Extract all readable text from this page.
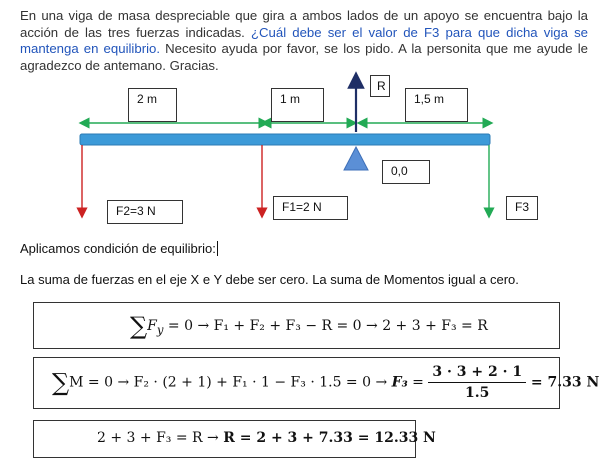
En una viga de masa despreciable que gira a ambos lados de un apoyo se encuentra bajo la acción de las tres fuerzas indicadas. ¿Cuál debe ser el valor de F3 para que dicha viga se mantenga en equilibrio. Necesito ayuda por favor, se los pido. A la personita que me ayude le agradezco de antemano. Gracias.
2 m	1 m	1,5 m
R
0,0
F2=3 N	F1=2 N	F3
Aplicamos condición de equilibrio:
La suma de fuerzas en el eje X e Y debe ser cero. La suma de Momentos igual a cero.
$\sum F_y = 0 \to F_1 + F_2 + F_3 - R = 0 \to 2 + 3 + F_3 = R$
$\sum M = 0 \to F_2 \cdot (2 + 1) + F_1 \cdot 1 - F_3 \cdot 1.5 = 0 \to F_3 = \frac{3 \cdot 3 + 2 \cdot 1}{1.5} = 7.33$ N
2 + 3 + F₃ = R → R = 2 + 3 + 7.33 = 12.33 N
